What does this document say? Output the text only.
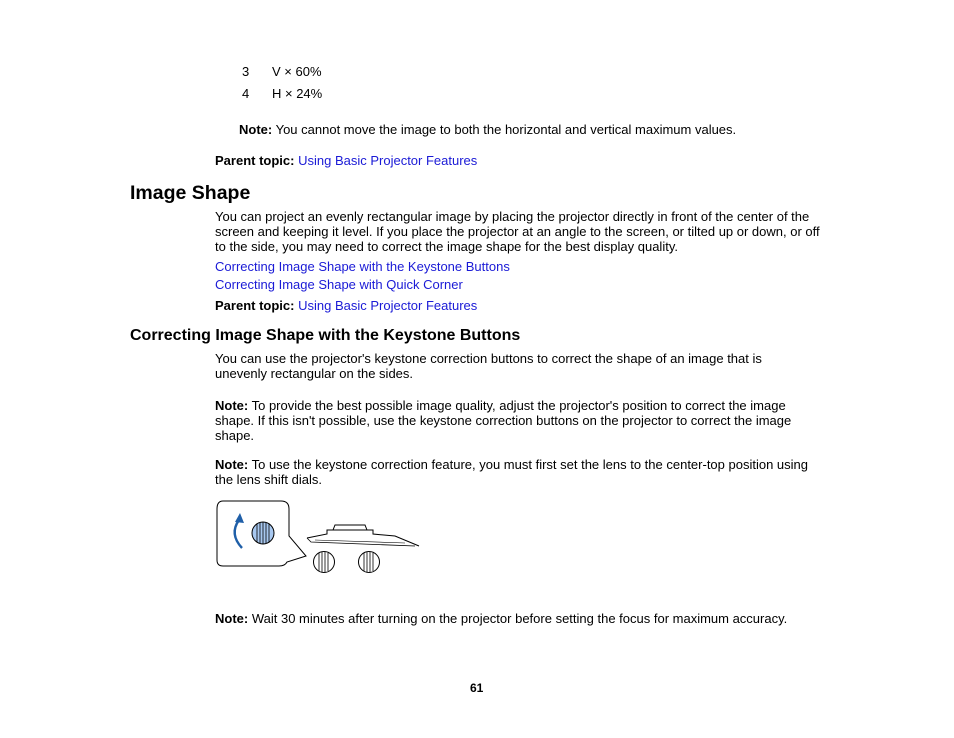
3 V × 60%
4 H × 24%
Note: You cannot move the image to both the horizontal and vertical maximum values.
Parent topic: Using Basic Projector Features
Image Shape
You can project an evenly rectangular image by placing the projector directly in front of the center of the screen and keeping it level. If you place the projector at an angle to the screen, or tilted up or down, or off to the side, you may need to correct the image shape for the best display quality.
Correcting Image Shape with the Keystone Buttons
Correcting Image Shape with Quick Corner
Parent topic: Using Basic Projector Features
Correcting Image Shape with the Keystone Buttons
You can use the projector's keystone correction buttons to correct the shape of an image that is unevenly rectangular on the sides.
Note: To provide the best possible image quality, adjust the projector's position to correct the image shape. If this isn't possible, use the keystone correction buttons on the projector to correct the image shape.
Note: To use the keystone correction feature, you must first set the lens to the center-top position using the lens shift dials.
Note: Wait 30 minutes after turning on the projector before setting the focus for maximum accuracy.
61
